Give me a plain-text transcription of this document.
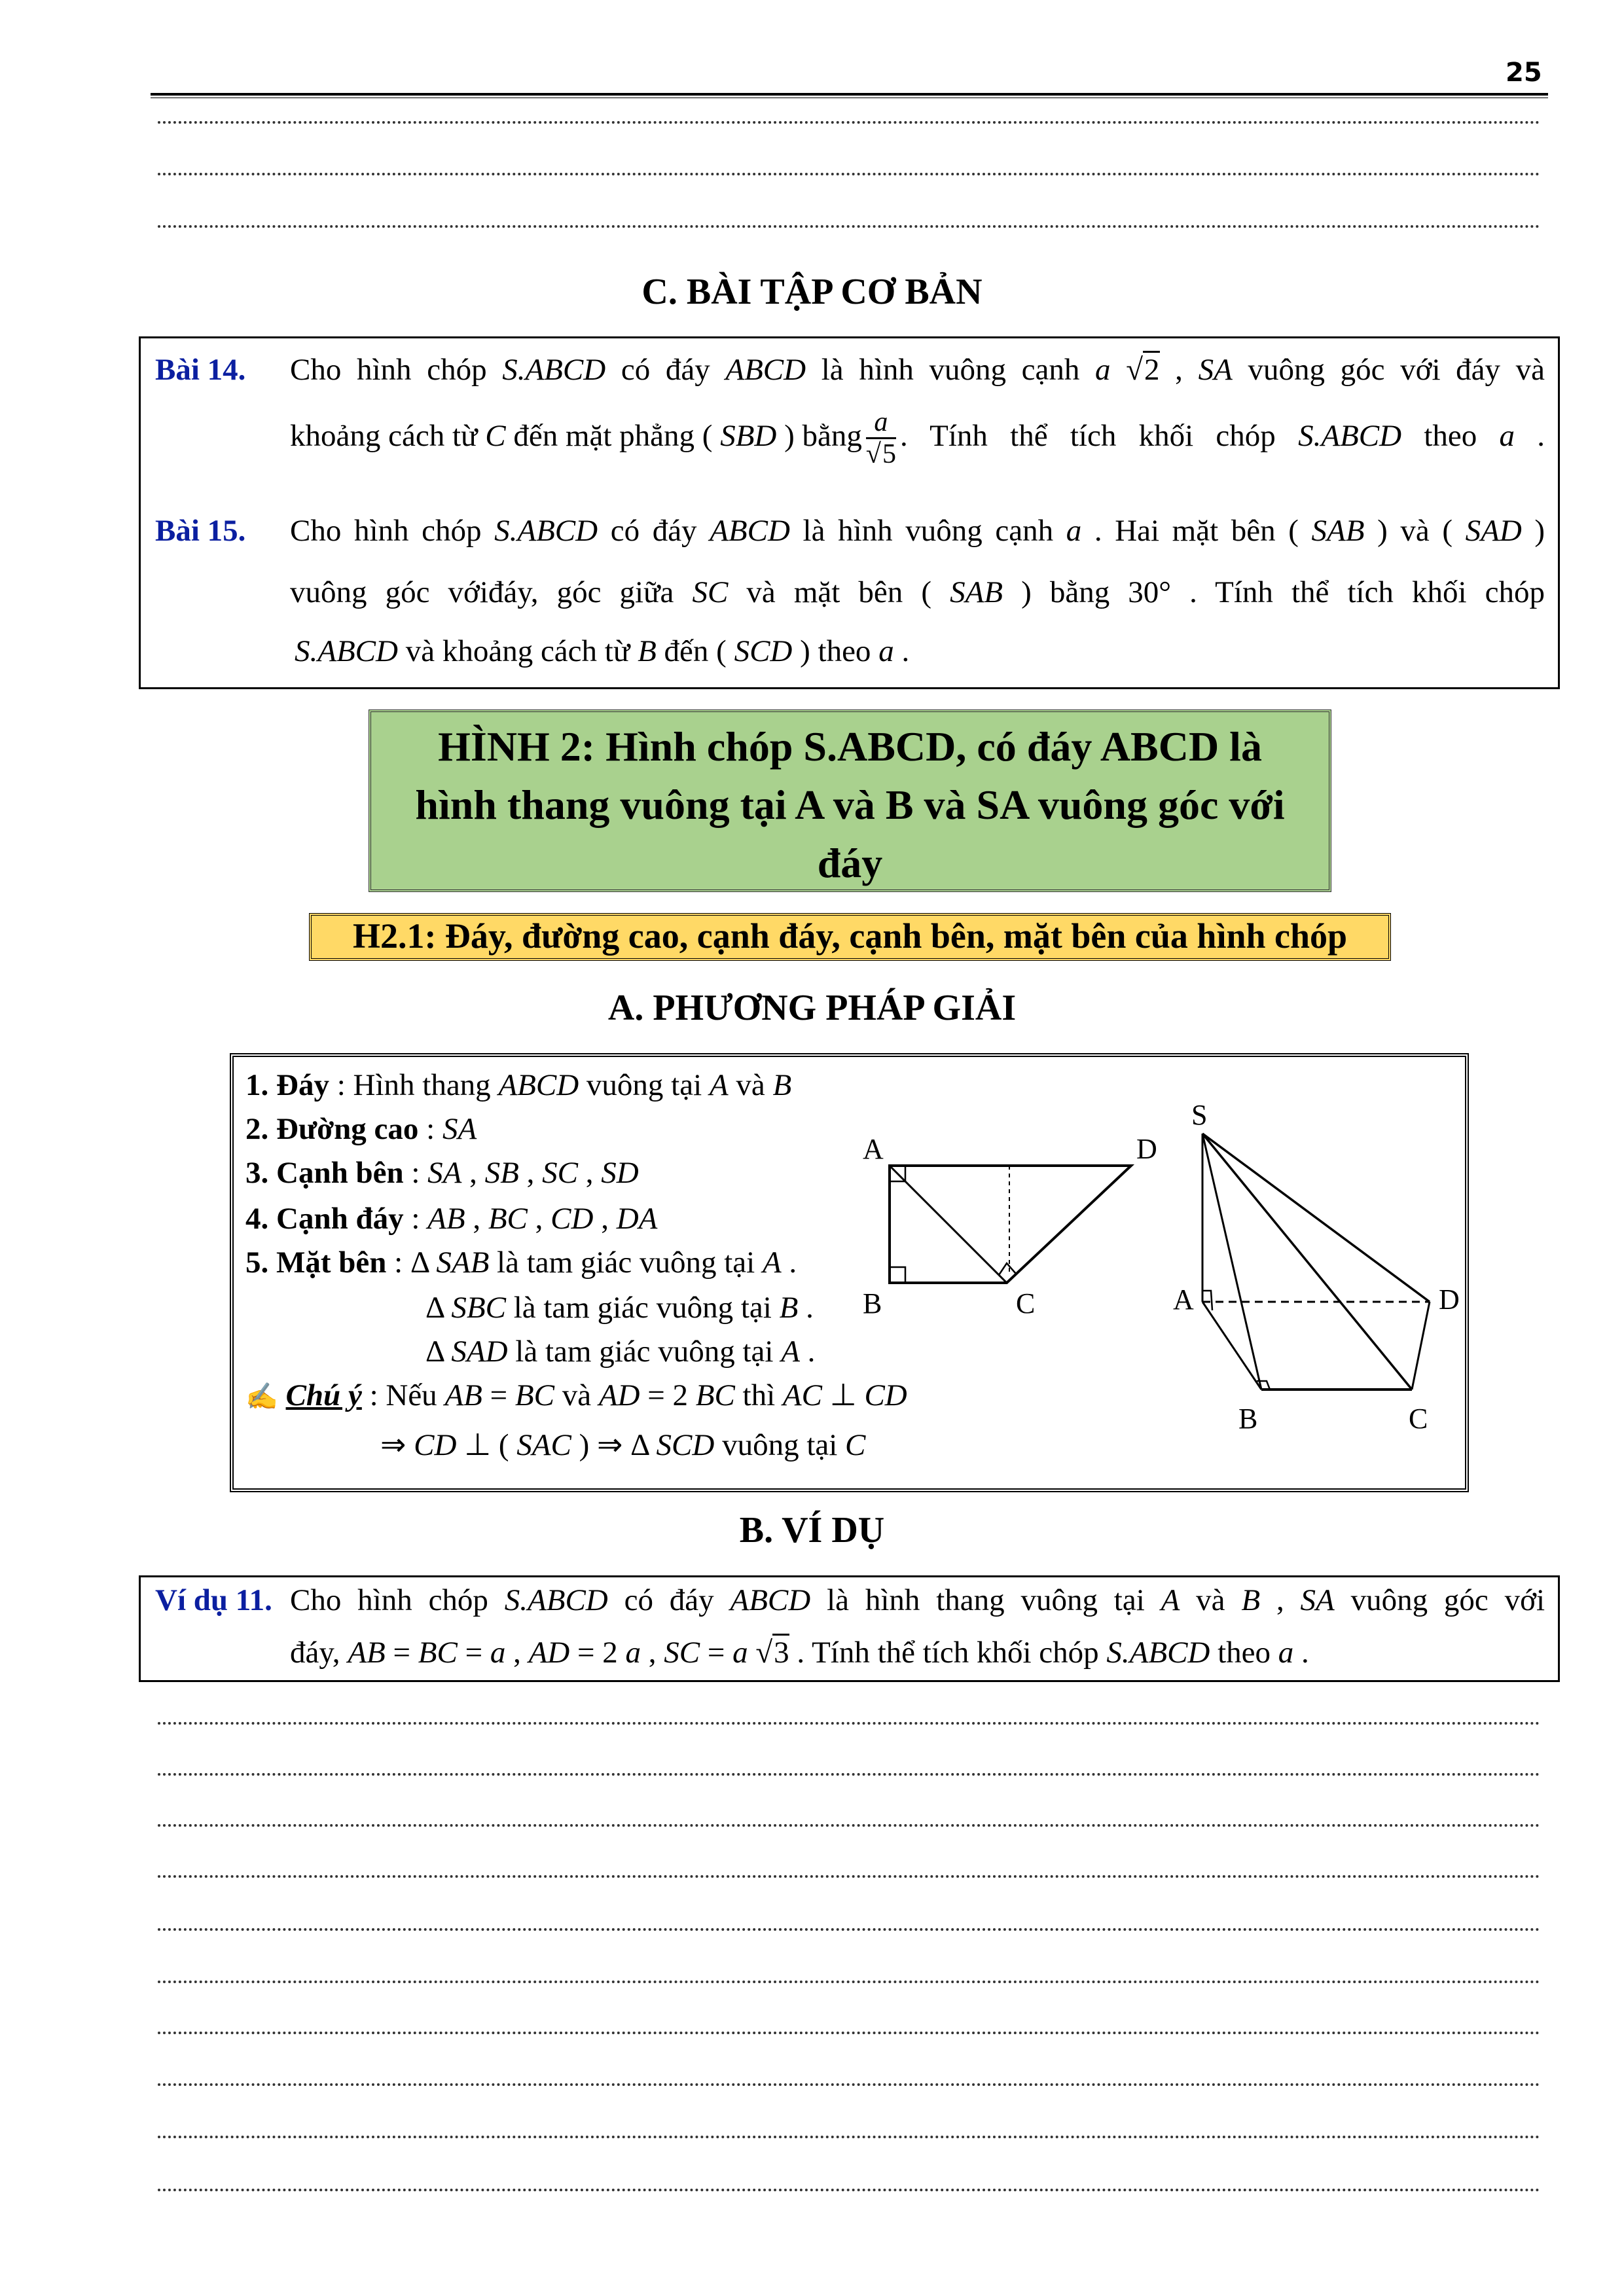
25
C. BÀI TẬP CƠ BẢN
Bài 14. Cho hình chóp S.ABCD có đáy ABCD là hình vuông cạnh a √2 , SA vuông góc với đáy và
khoảng cách từ C đến mặt phẳng ( SBD ) bằng $\frac{a}{√5}$ . Tính thể tích khối chóp S.ABCD theo a .
Bài 15. Cho hình chóp S.ABCD có đáy ABCD là hình vuông cạnh a . Hai mặt bên ( SAB ) và ( SAD )
vuông góc vớiđáy, góc giữa SC và mặt bên ( SAB ) bằng 30° . Tính thể tích khối chóp
S.ABCD và khoảng cách từ B đến ( SCD ) theo a .
HÌNH 2: Hình chóp S.ABCD, có đáy ABCD là
hình thang vuông tại A và B và SA vuông góc với
đáy
H2.1: Đáy, đường cao, cạnh đáy, cạnh bên, mặt bên của hình chóp
A. PHƯƠNG PHÁP GIẢI
1. Đáy : Hình thang ABCD vuông tại A và B
2. Đường cao : SA
3. Cạnh bên : SA , SB , SC , SD
4. Cạnh đáy : AB , BC , CD , DA
5. Mặt bên : Δ SAB là tam giác vuông tại A .
Δ SBC là tam giác vuông tại B .
Δ SAD là tam giác vuông tại A .
✍ Chú ý : Nếu AB = BC và AD = 2 BC thì AC ⊥ CD
⇒ CD ⊥ ( SAC ) ⇒ Δ SCD vuông tại C
A	D
B	C
S
A	D
B	C
B. VÍ DỤ
Ví dụ 11. Cho hình chóp S.ABCD có đáy ABCD là hình thang vuông tại A và B , SA vuông góc với
đáy, AB = BC = a , AD = 2 a , SC = a √3 . Tính thể tích khối chóp S.ABCD theo a .
